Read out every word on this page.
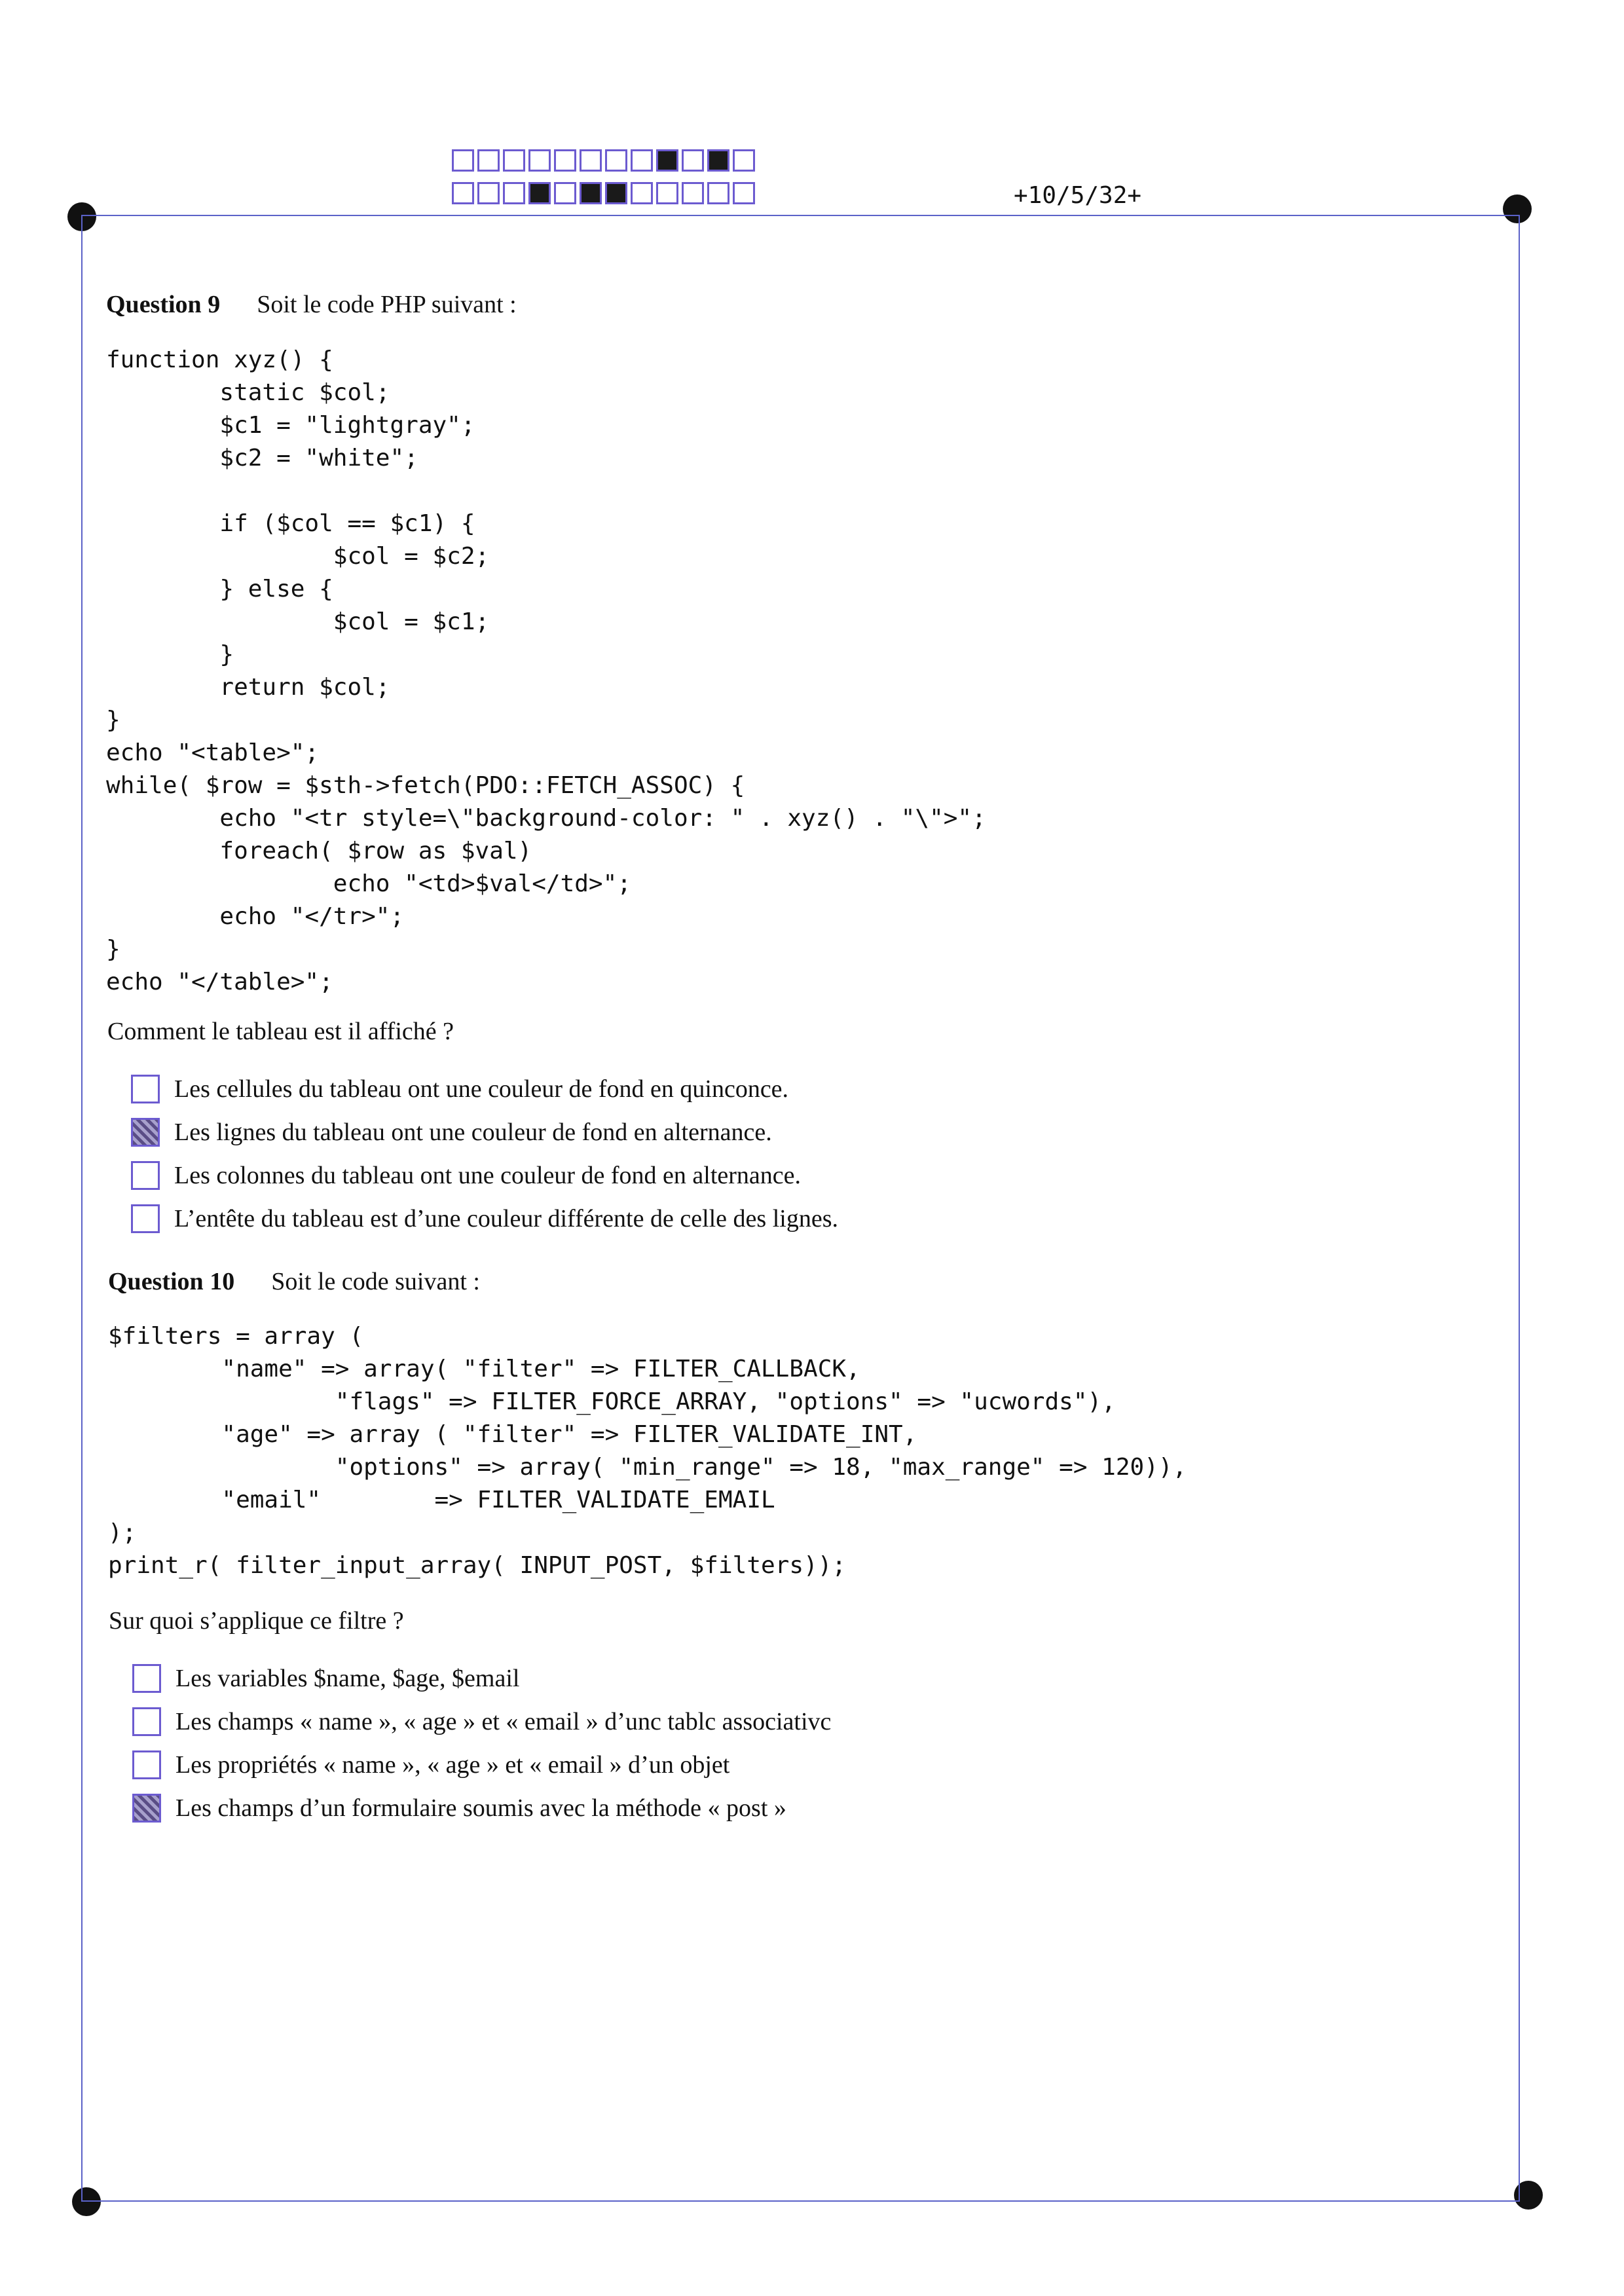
+10/5/32+
Question 9 Soit le code PHP suivant :
function xyz() {
static $col;
$c1 = "lightgray";
$c2 = "white";

if ($col == $c1) {
$col = $c2;
} else {
$col = $c1;
}
return $col;
}
echo "<table>";
while( $row = $sth->fetch(PDO::FETCH_ASSOC) {
echo "<tr style=\"background-color: " . xyz() . "\">";
foreach( $row as $val)
echo "<td>$val</td>";
echo "</tr>";
}
echo "</table>";
Comment le tableau est il affiché ?
Les cellules du tableau ont une couleur de fond en quinconce.
Les lignes du tableau ont une couleur de fond en alternance.
Les colonnes du tableau ont une couleur de fond en alternance.
L’entête du tableau est d’une couleur différente de celle des lignes.
Question 10 Soit le code suivant :
$filters = array (
"name" => array( "filter" => FILTER_CALLBACK,
"flags" => FILTER_FORCE_ARRAY, "options" => "ucwords"),
"age" => array ( "filter" => FILTER_VALIDATE_INT,
"options" => array( "min_range" => 18, "max_range" => 120)),
"email"        => FILTER_VALIDATE_EMAIL
);
print_r( filter_input_array( INPUT_POST, $filters));
Sur quoi s’applique ce filtre ?
Les variables $name, $age, $email
Les champs « name », « age » et « email » d’unc tablc associativc
Les propriétés « name », « age » et « email » d’un objet
Les champs d’un formulaire soumis avec la méthode « post »
